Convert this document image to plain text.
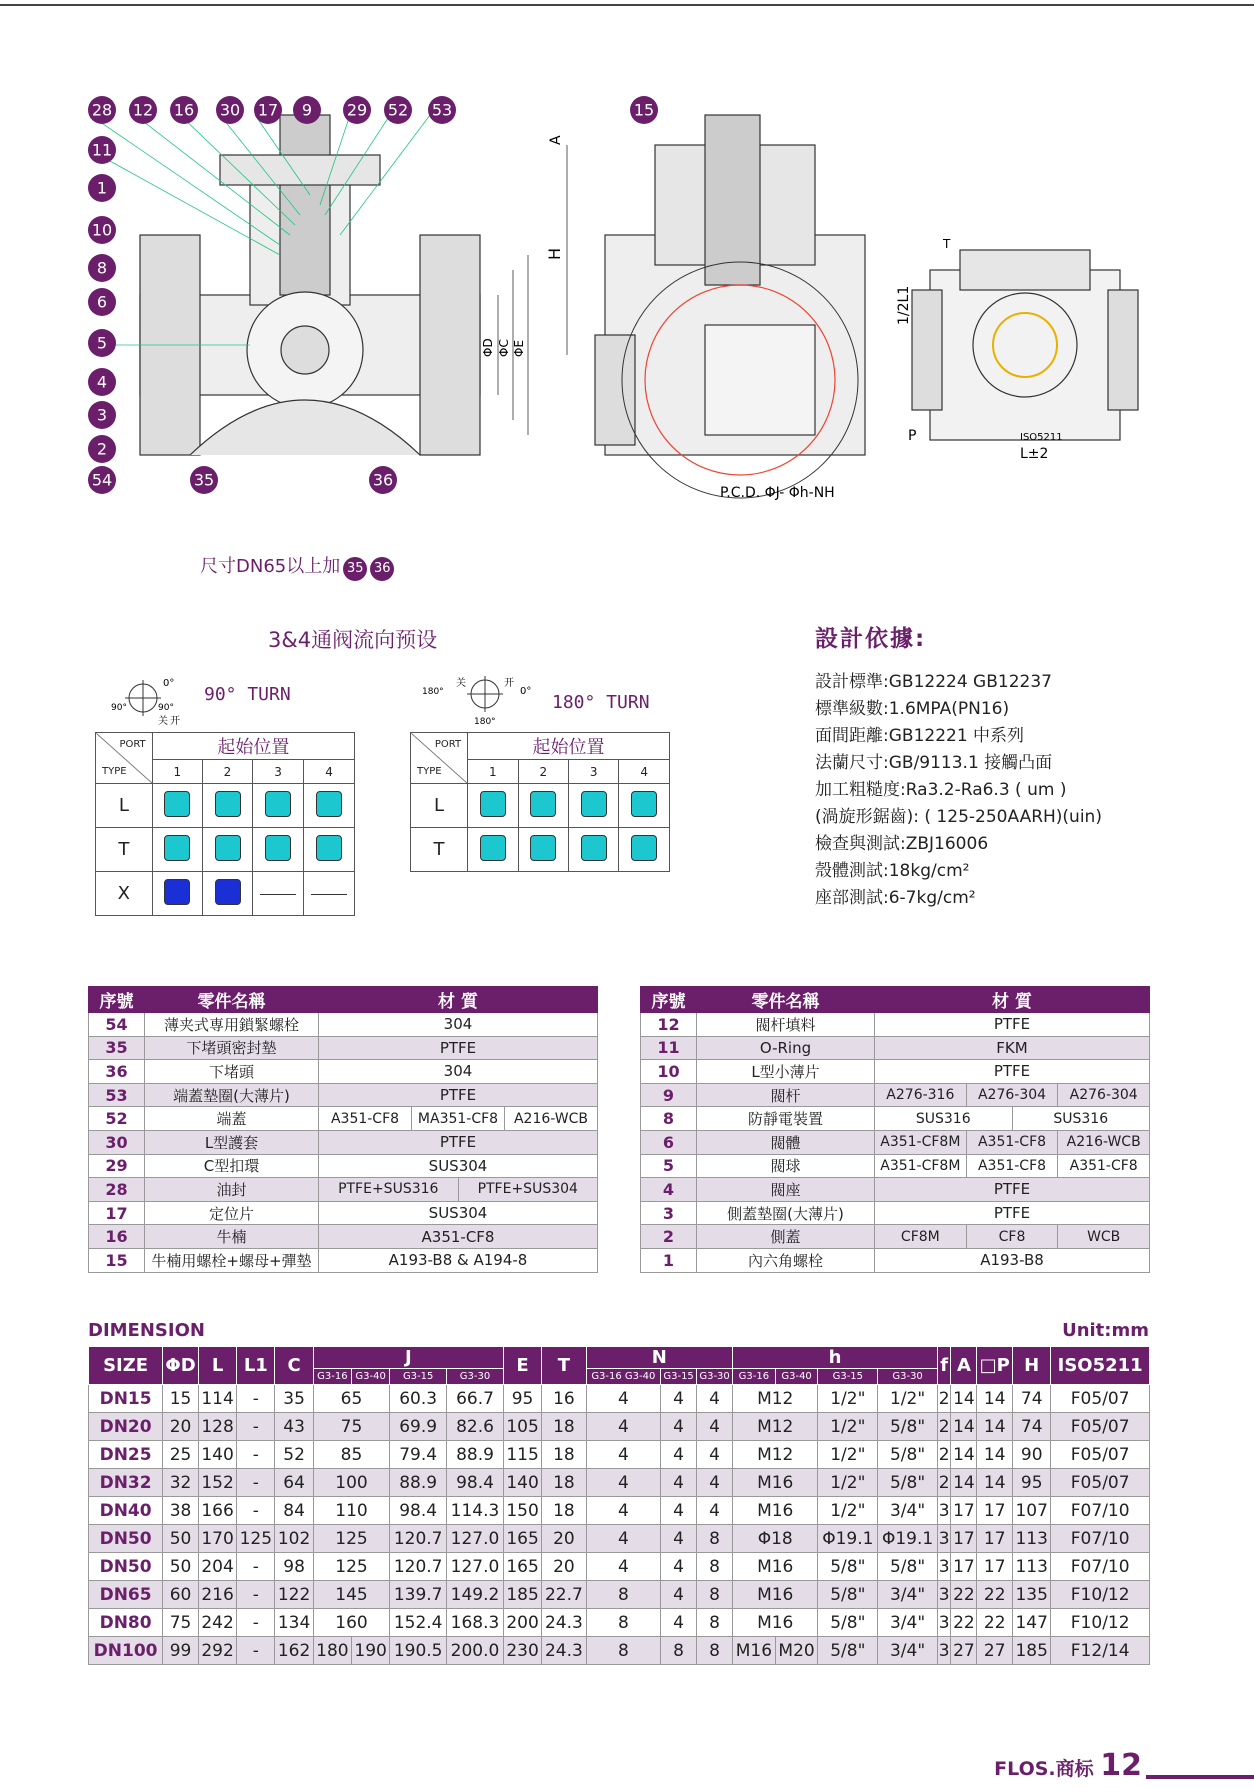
ΦD ΦC ΦE
28 12 16 30 17 9 29 52 53
11
1
10
8
6
5
4
3
2
54	35	36
15
A
H
P.C.D. ΦJ- Φh-NH
1/2L1
T
P	ISO5211
L±2
尺寸DN65以上加 35 36
3&4通阀流向预设
0°
90°	90°
关 开
90° TURN	180°
关	开
0°
180°
180° TURN
PORT
TYPE	起始位置			
	1	2	3	4
L				
T				
X				
PORT
TYPE	起始位置			
	1	2	3	4
L				
T				
設計依據:
設計標準:GB12224 GB12237
標準級數:1.6MPA(PN16)
面間距離:GB12221 中系列
法蘭尺寸:GB/9113.1 接觸凸面
加工粗糙度:Ra3.2-Ra6.3 ( um )
(渦旋形鋸齒): ( 125-250AARH)(uin)
檢查與測試:ZBJ16006
殼體測試:18kg/cm²
座部測試:6-7kg/cm²
序號	零件名稱	材 質
54	薄夹式専用鎖緊螺栓	304
35	下堵頭密封墊	PTFE
36	下堵頭	304
53	端蓋墊圈(大薄片)	PTFE
52	端蓋	A351-CF8 MA351-CF8 A216-WCB

30	L型護套	PTFE
29	C型扣環	SUS304
28	油封	PTFE+SUS316 PTFE+SUS304

17	定位片	SUS304
16	牛楠	A351-CF8
15	牛楠用螺栓+螺母+彈墊	A193-B8 & A194-8
序號	零件名稱	材 質
12	閥杆填料	PTFE
11	O-Ring	FKM
10	L型小薄片	PTFE
9	閥杆	A276-316 A276-304 A276-304

8	防靜電裝置	SUS316 SUS316

6	閥體	A351-CF8M A351-CF8 A216-WCB

5	閥球	A351-CF8M A351-CF8 A351-CF8

4	閥座	PTFE
3	側蓋墊圈(大薄片)	PTFE
2	側蓋	CF8M CF8 WCB

1	內六角螺栓	A193-B8
DIMENSION	Unit:mm
SIZE	ΦD	L	L1	C	J				E	T	N			h				f	A	□P	H	ISO5211
					G3-16	G3-40	G3-15	G3-30			G3-16 G3-40	G3-15	G3-30	G3-16	G3-40	G3-15	G3-30					
DN15	15	114	-	35	65		60.3	66.7	95	16	4	4	4	M12		1/2"	1/2"	2	14	14	74	F05/07
DN20	20	128	-	43	75		69.9	82.6	105	18	4	4	4	M12		1/2"	5/8"	2	14	14	74	F05/07
DN25	25	140	-	52	85		79.4	88.9	115	18	4	4	4	M12		1/2"	5/8"	2	14	14	90	F05/07
DN32	32	152	-	64	100		88.9	98.4	140	18	4	4	4	M16		1/2"	5/8"	2	14	14	95	F05/07
DN40	38	166	-	84	110		98.4	114.3	150	18	4	4	4	M16		1/2"	3/4"	3	17	17	107	F07/10
DN50	50	170	125	102	125		120.7	127.0	165	20	4	4	8	Φ18		Φ19.1	Φ19.1	3	17	17	113	F07/10
DN50	50	204	-	98	125		120.7	127.0	165	20	4	4	8	M16		5/8"	5/8"	3	17	17	113	F07/10
DN65	60	216	-	122	145		139.7	149.2	185	22.7	8	4	8	M16		5/8"	3/4"	3	22	22	135	F10/12
DN80	75	242	-	134	160		152.4	168.3	200	24.3	8	4	8	M16		5/8"	3/4"	3	22	22	147	F10/12
DN100	99	292	-	162	180	190	190.5	200.0	230	24.3	8	8	8	M16	M20	5/8"	3/4"	3	27	27	185	F12/14
FLOS.商标 12
